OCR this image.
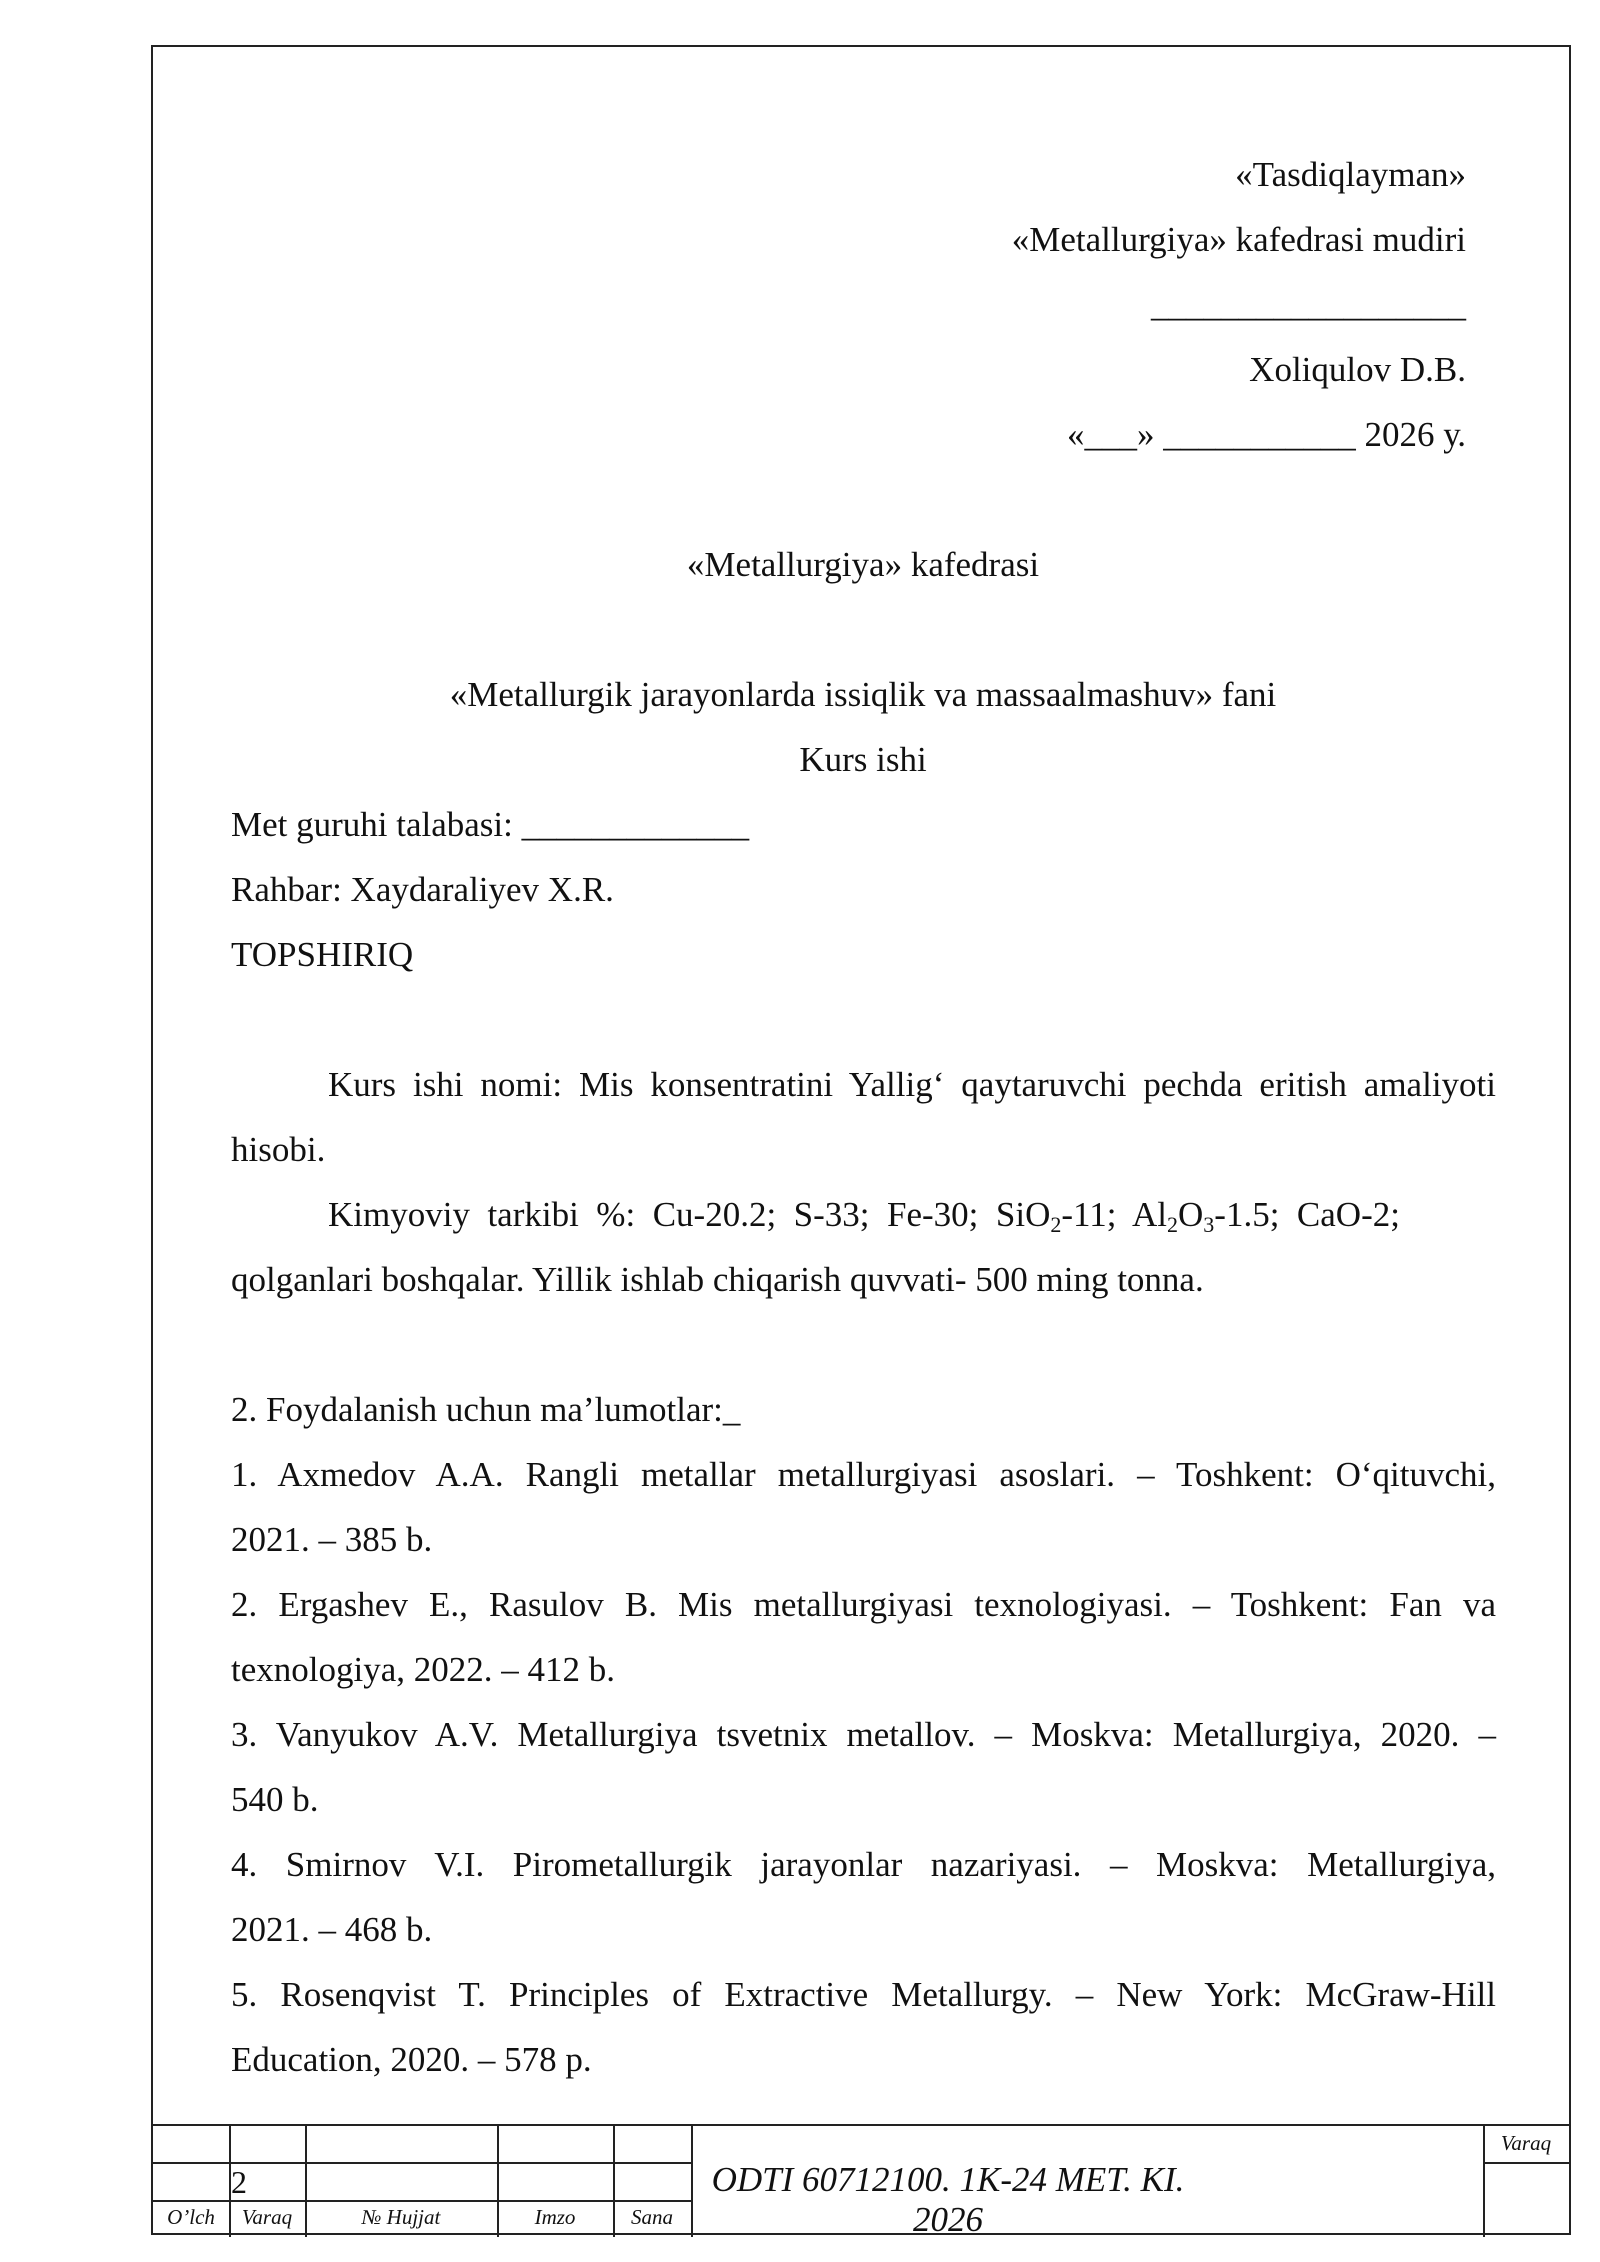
«Tasdiqlayman»
«Metallurgiya» kafedrasi mudiri
__________________
Xoliqulov D.B.
«___» ___________ 2026 у.
«Metallurgiya» kafedrasi
«Metallurgik jarayonlarda issiqlik va massaalmashuv» fani
Kurs ishi
Met guruhi talabasi: _____________
Rahbar: Xaydaraliyev X.R.
TOPSHIRIQ
Kurs ishi nomi: Mis konsentratini Yallig‘ qaytaruvchi pechda eritish amaliyoti
hisobi.
Kimyoviy  tarkibi  %:  Cu-20.2;  S-33;  Fe-30;  SiO$_2$-11;  $Al_2O_3-1.5$;  CaO-2;
qolganlari boshqalar. Yillik ishlab chiqarish quvvati- 500 ming tonna.
2. Foydalanish uchun ma’lumotlar:_
1. Axmedov A.A. Rangli metallar metallurgiyasi asoslari. – Toshkent: O‘qituvchi,
2021. – 385 b.
2. Ergashev E., Rasulov B. Mis metallurgiyasi texnologiyasi. – Toshkent: Fan va
texnologiya, 2022. – 412 b.
3. Vanyukov A.V. Metallurgiya tsvetnix metallov. – Moskva: Metallurgiya, 2020. –
540 b.
4. Smirnov V.I. Pirometallurgik jarayonlar nazariyasi. – Moskva: Metallurgiya,
2021. – 468 b.
5. Rosenqvist T. Principles of Extractive Metallurgy. – New York: McGraw-Hill
Education, 2020. – 578 p.
2
O’lch	Varaq	№ Hujjat	Imzo	Sana
ODTI 60712100. 1K-24 MET. KI. 2026
Varaq
